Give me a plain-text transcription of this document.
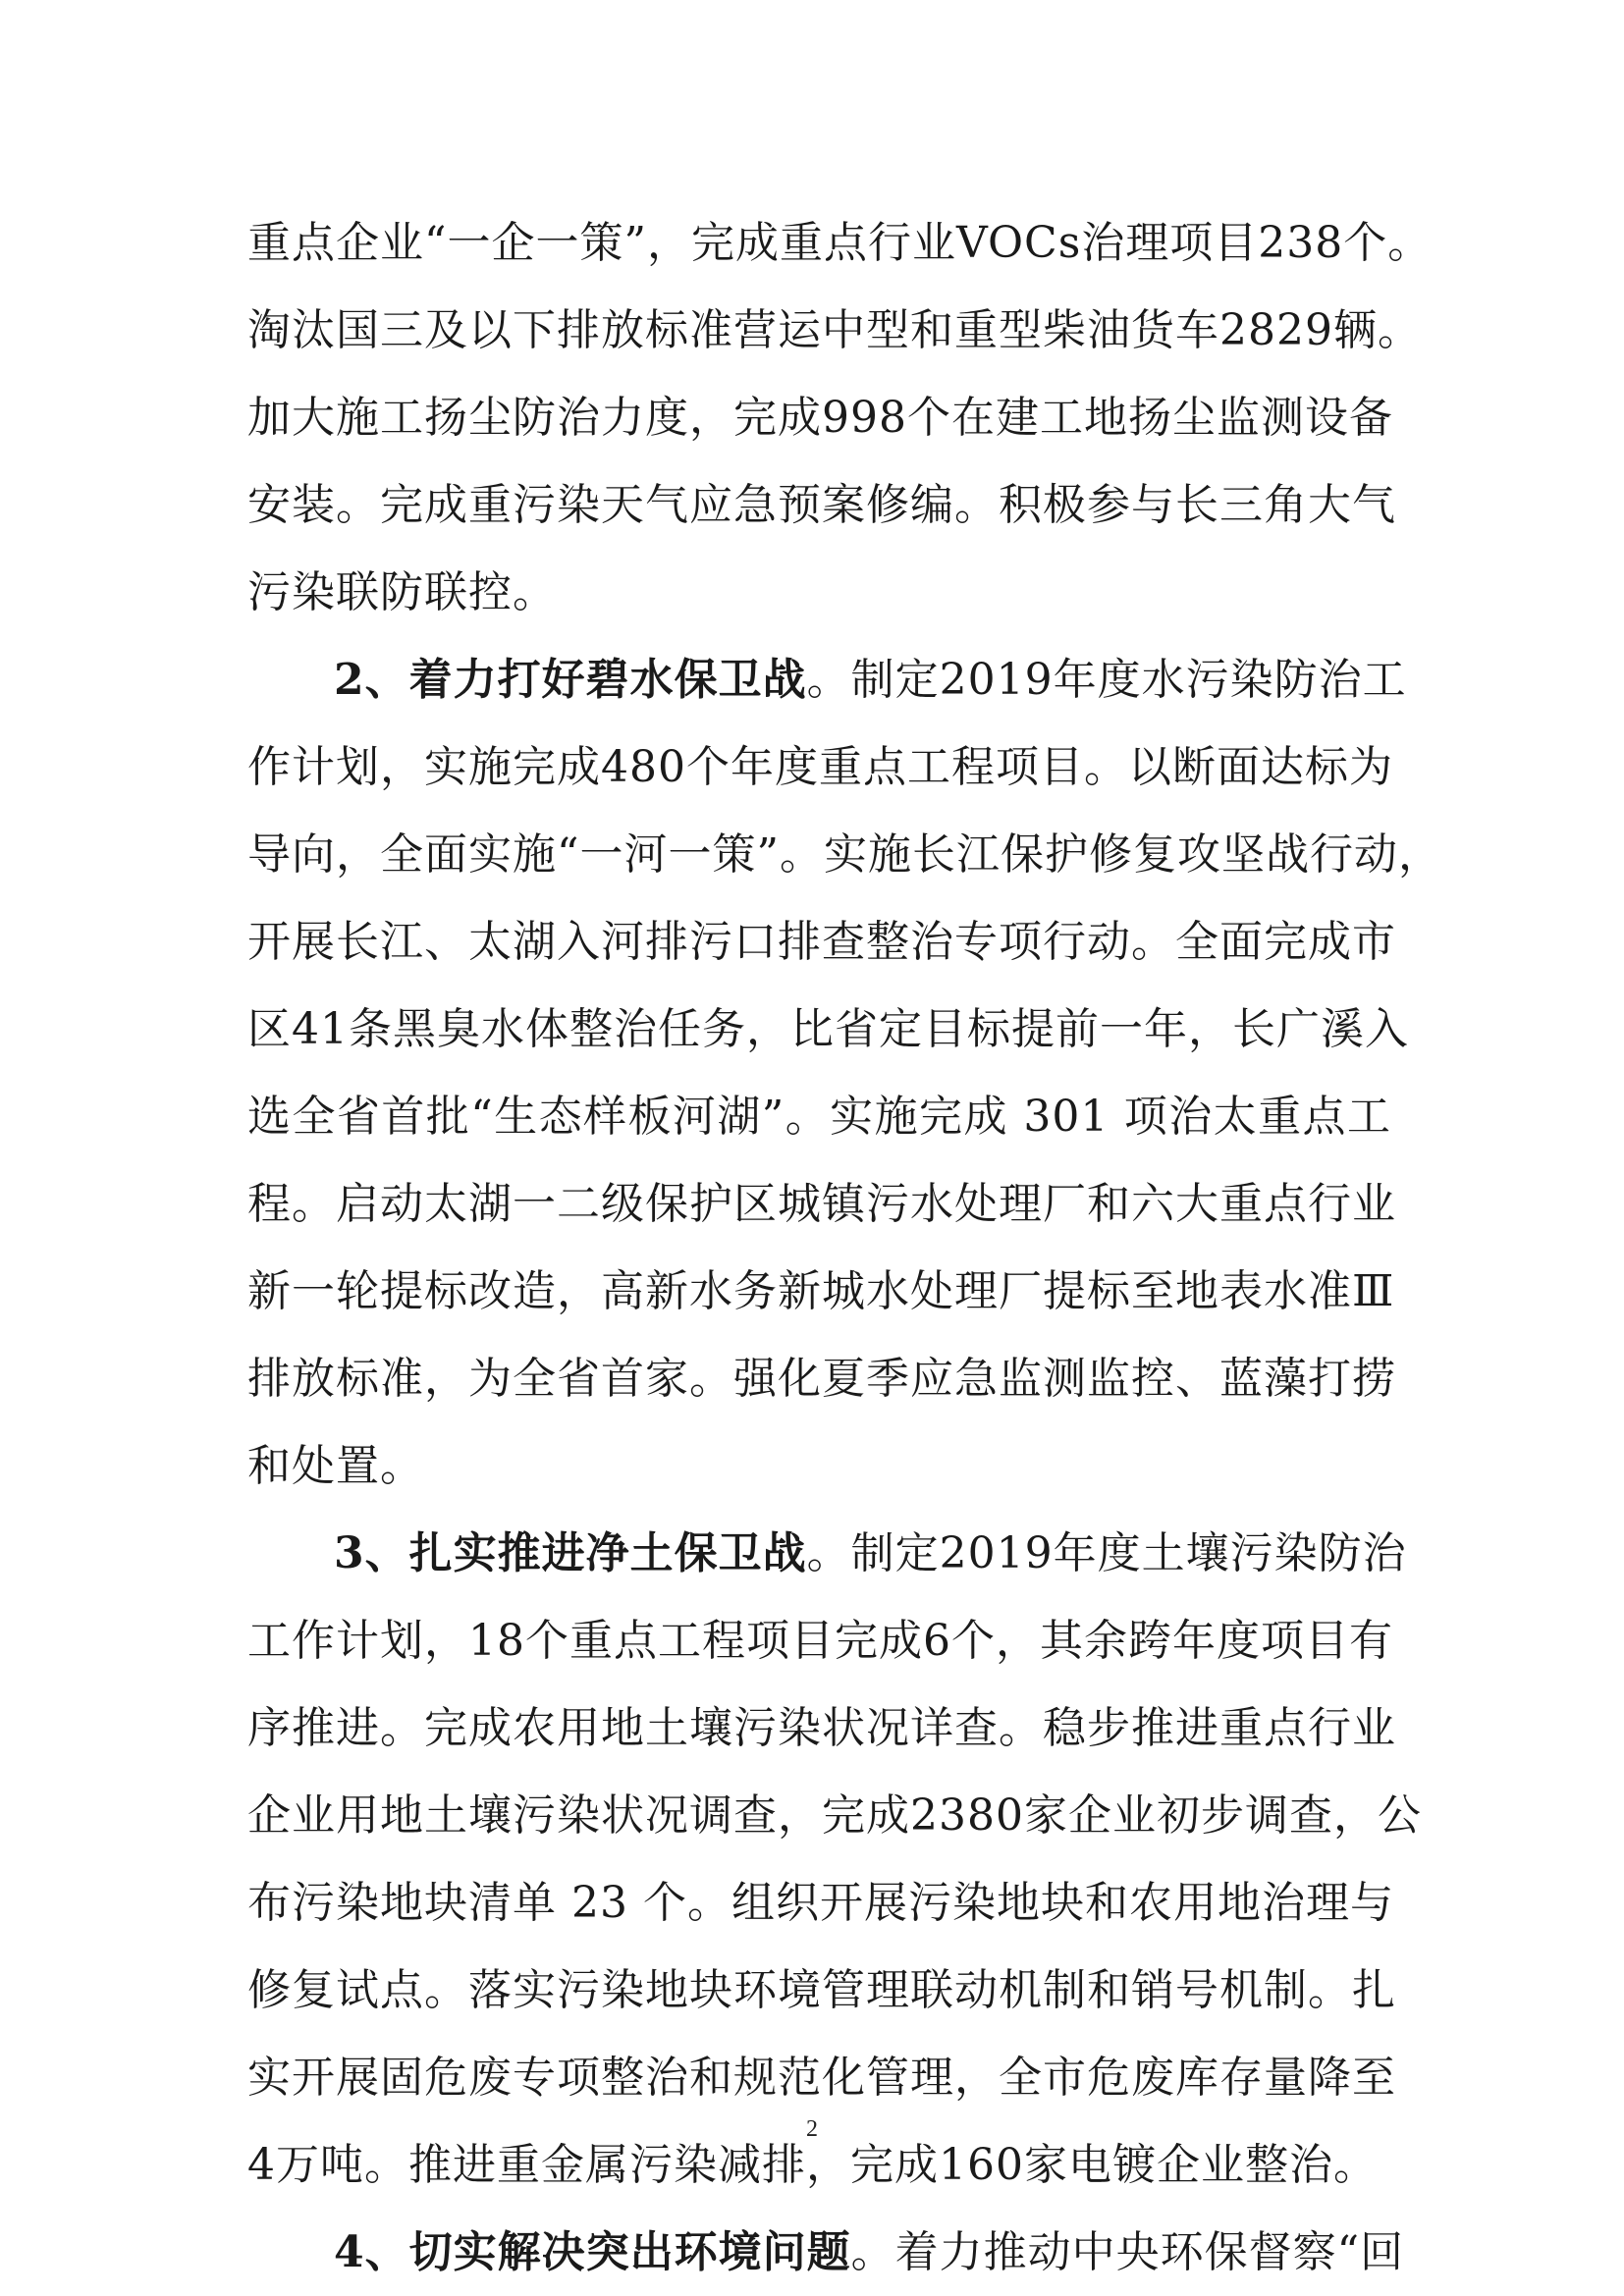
重点企业“一企一策”，完成重点行业VOCs治理项目238个。
淘汰国三及以下排放标准营运中型和重型柴油货车2829辆。
加大施工扬尘防治力度，完成998个在建工地扬尘监测设备
安装。完成重污染天气应急预案修编。积极参与长三角大气
污染联防联控。
2、着力打好碧水保卫战。制定2019年度水污染防治工
作计划，实施完成480个年度重点工程项目。以断面达标为
导向，全面实施“一河一策”。实施长江保护修复攻坚战行动，
开展长江、太湖入河排污口排查整治专项行动。全面完成市
区41条黑臭水体整治任务，比省定目标提前一年，长广溪入
选全省首批“生态样板河湖”。实施完成 301 项治太重点工
程。启动太湖一二级保护区城镇污水处理厂和六大重点行业
新一轮提标改造，高新水务新城水处理厂提标至地表水准Ⅲ
排放标准，为全省首家。强化夏季应急监测监控、蓝藻打捞
和处置。
3、扎实推进净土保卫战。制定2019年度土壤污染防治
工作计划，18个重点工程项目完成6个，其余跨年度项目有
序推进。完成农用地土壤污染状况详查。稳步推进重点行业
企业用地土壤污染状况调查，完成2380家企业初步调查，公
布污染地块清单 23 个。组织开展污染地块和农用地治理与
修复试点。落实污染地块环境管理联动机制和销号机制。扎
实开展固危废专项整治和规范化管理，全市危废库存量降至
4万吨。推进重金属污染减排，完成160家电镀企业整治。
4、切实解决突出环境问题。着力推动中央环保督察“回
2
